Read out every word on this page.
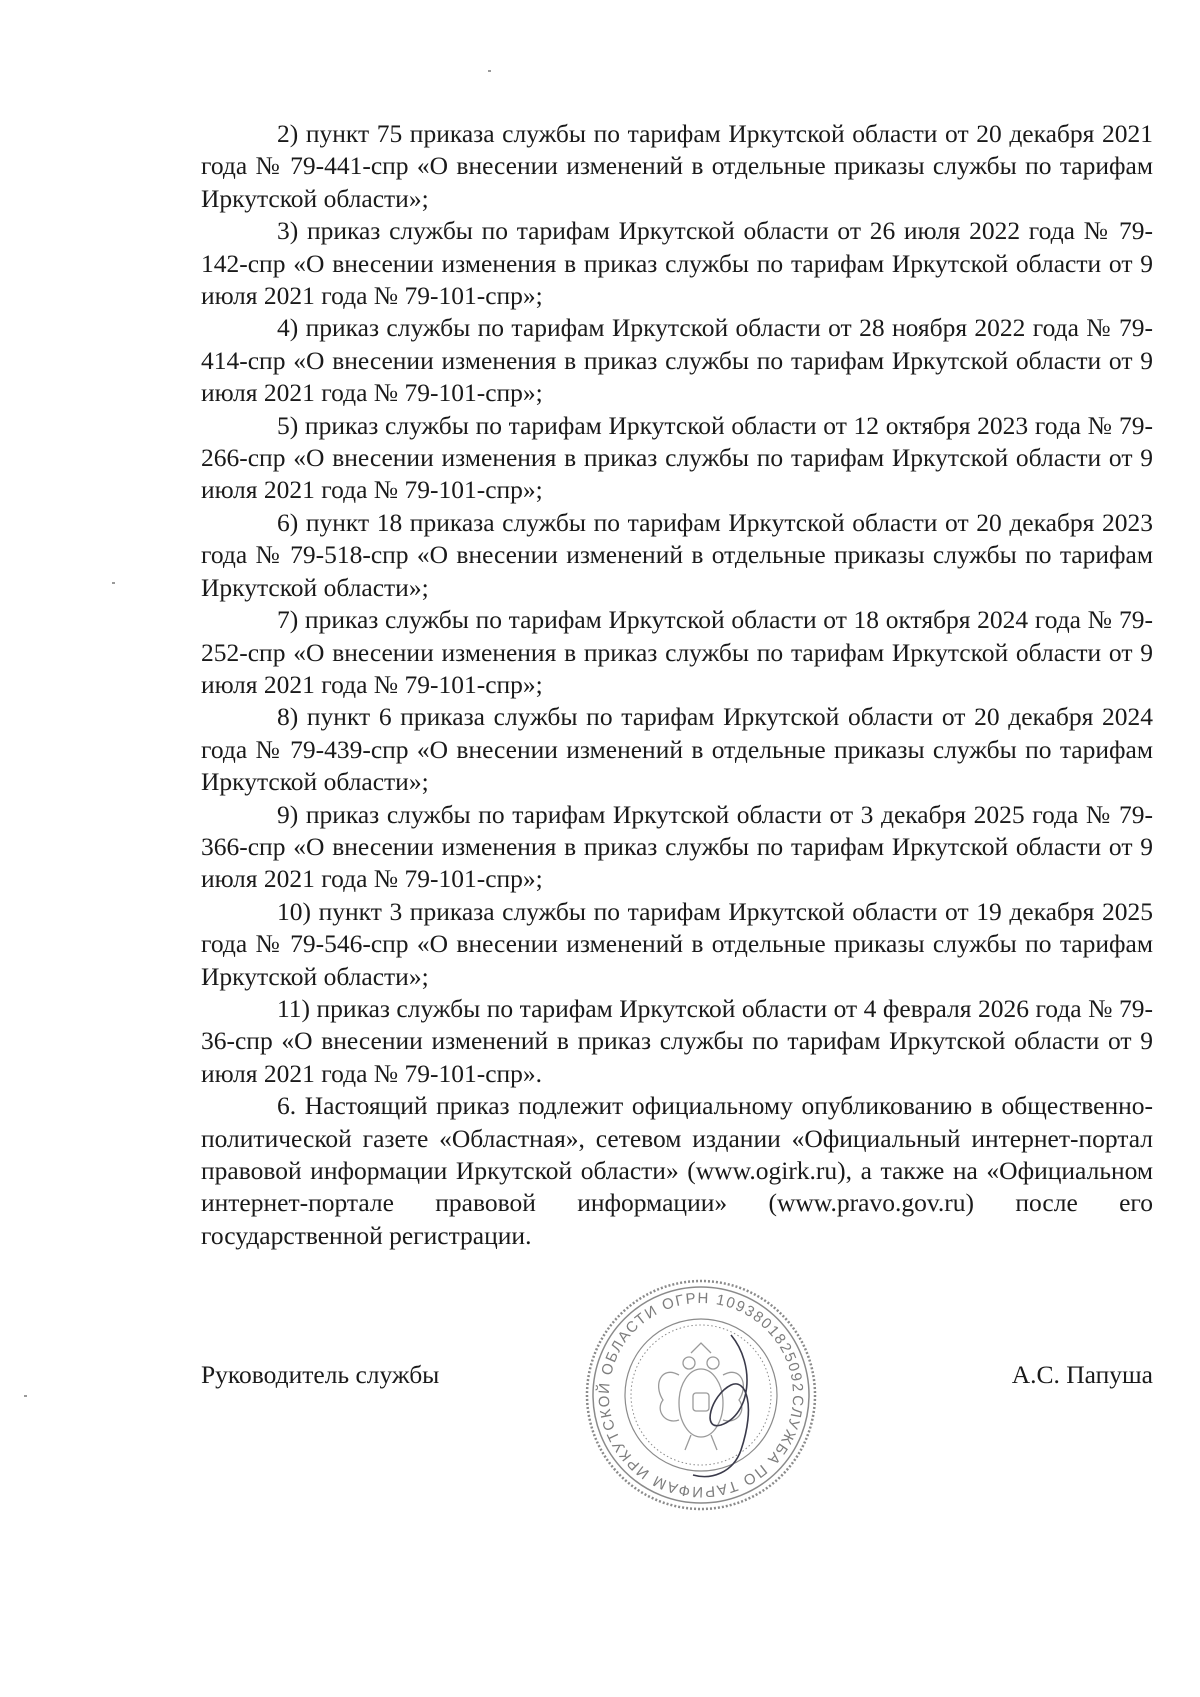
2) пункт 75 приказа службы по тарифам Иркутской области от 20 декабря 2021 года № 79-441-спр «О внесении изменений в отдельные приказы службы по тарифам Иркутской области»;

3) приказ службы по тарифам Иркутской области от 26 июля 2022 года № 79-142-спр «О внесении изменения в приказ службы по тарифам Иркутской области от 9 июля 2021 года № 79-101-спр»;

4) приказ службы по тарифам Иркутской области от 28 ноября 2022 года № 79-414-спр «О внесении изменения в приказ службы по тарифам Иркутской области от 9 июля 2021 года № 79-101-спр»;

5) приказ службы по тарифам Иркутской области от 12 октября 2023 года № 79-266-спр «О внесении изменения в приказ службы по тарифам Иркутской области от 9 июля 2021 года № 79-101-спр»;

6) пункт 18 приказа службы по тарифам Иркутской области от 20 декабря 2023 года № 79-518-спр «О внесении изменений в отдельные приказы службы по тарифам Иркутской области»;

7) приказ службы по тарифам Иркутской области от 18 октября 2024 года № 79-252-спр «О внесении изменения в приказ службы по тарифам Иркутской области от 9 июля 2021 года № 79-101-спр»;

8) пункт 6 приказа службы по тарифам Иркутской области от 20 декабря 2024 года № 79-439-спр «О внесении изменений в отдельные приказы службы по тарифам Иркутской области»;

9) приказ службы по тарифам Иркутской области от 3 декабря 2025 года № 79-366-спр «О внесении изменения в приказ службы по тарифам Иркутской области от 9 июля 2021 года № 79-101-спр»;

10) пункт 3 приказа службы по тарифам Иркутской области от 19 декабря 2025 года № 79-546-спр «О внесении изменений в отдельные приказы службы по тарифам Иркутской области»;

11) приказ службы по тарифам Иркутской области от 4 февраля 2026 года № 79-36-спр «О внесении изменений в приказ службы по тарифам Иркутской области от 9 июля 2021 года № 79-101-спр».

6. Настоящий приказ подлежит официальному опубликованию в общественно-политической газете «Областная», сетевом издании «Официальный интернет-портал правовой информации Иркутской области» (www.ogirk.ru), а также на «Официальном интернет-портале правовой информации» (www.pravo.gov.ru) после его государственной регистрации.

СЛУЖБА ПО ТАРИФАМ ИРКУТСКОЙ ОБЛАСТИ ОГРН 1093801825092
Руководитель службы	А.С. Папуша
